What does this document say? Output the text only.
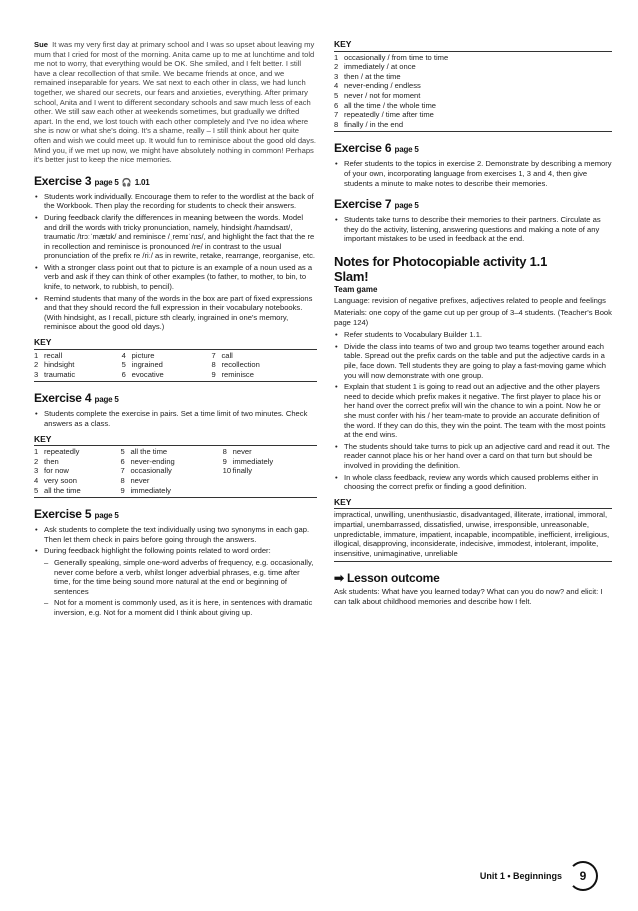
Sue It was my very first day at primary school and I was so upset about leaving my mum that I cried for most of the morning. Anita came up to me at lunchtime and told me not to worry, that everything would be OK. She smiled, and I felt better. I still have a clear recollection of that smile. We became friends at once, and we remained inseparable for years. We sat next to each other in class, we had lunch together, we shared our secrets, our fears and anxieties, everything. After primary school, Anita and I went to different secondary schools and saw much less of each other. We still saw each other at weekends sometimes, but gradually we drifted apart. In the end, we lost touch with each other completely and I've no idea where she is now or what she's doing. It's a shame, really – I still think about her quite often and wish we could meet up. It would fun to reminisce about the good old days. Mind you, if we met up now, we might have absolutely nothing in common! Perhaps it's better just to keep the nice memories.

Exercise 3 page 5 🎧 1.01
• Students work individually. Encourage them to refer to the wordlist at the back of the Workbook. Then play the recording for students to check their answers.
• During feedback clarify the differences in meaning between the words. Model and drill the words with tricky pronunciation, namely, hindsight /haɪndsaɪt/, traumatic /trɔːˈmætɪk/ and reminisce /ˌremɪˈnɪs/, and highlight the fact that the re in recollection and reminisce is pronounced /re/ in contrast to the usual pronunciation of the prefix re /riː/ as in rewrite, retake, rearrange, reorganise, etc.
• With a stronger class point out that to picture is an example of a noun used as a verb and ask if they can think of other examples (to father, to mother, to bin, to knife, to network, to rubbish, to pencil).
• Remind students that many of the words in the box are part of fixed expressions and that they should record the full expression in their vocabulary notebooks. (With hindsight, as I recall, picture sth clearly, ingrained in one's memory, reminisce about the good old days.)
KEY
1	recall	4	picture	7	call
2	hindsight	5	ingrained	8	recollection
3	traumatic	6	evocative	9	reminisce
Exercise 4 page 5
• Students complete the exercise in pairs. Set a time limit of two minutes. Check answers as a class.
KEY
1	repeatedly	5	all the time	8	never
2	then	6	never-ending	9	immediately
3	for now	7	occasionally	10	finally
4	very soon	8	never		
5	all the time	9	immediately		
Exercise 5 page 5
• Ask students to complete the text individually using two synonyms in each gap. Then let them check in pairs before going through the answers.
• During feedback highlight the following points related to word order:
– Generally speaking, simple one-word adverbs of frequency, e.g. occasionally, never come before a verb, whilst longer adverbial phrases, e.g. time after time, for the time being sound more natural at the end or beginning of sentences
– Not for a moment is commonly used, as it is here, in sentences with dramatic inversion, e.g. Not for a moment did I think about giving up.
KEY
1 occasionally / from time to time
2 immediately / at once
3 then / at the time
4 never-ending / endless
5 never / not for moment
6 all the time / the whole time
7 repeatedly / time after time
8 finally / in the end
Exercise 6 page 5
• Refer students to the topics in exercise 2. Demonstrate by describing a memory of your own, incorporating language from exercises 1, 3 and 4, then give students a minute to make notes to describe their memories.
Exercise 7 page 5
• Students take turns to describe their memories to their partners. Circulate as they do the activity, listening, answering questions and making a note of any important mistakes to be used in feedback at the end.
Notes for Photocopiable activity 1.1
Slam!
Team game

Language: revision of negative prefixes, adjectives related to people and feelings

Materials: one copy of the game cut up per group of 3–4 students. (Teacher's Book page 124)

• Refer students to Vocabulary Builder 1.1.
• Divide the class into teams of two and group two teams together around each table. Spread out the prefix cards on the table and put the adjective cards in a pile, face down. Tell students they are going to play a fast-moving game which you will now demonstrate with one group.
• Explain that student 1 is going to read out an adjective and the other players need to decide which prefix makes it negative. The first player to place his or her hand over the correct prefix will win the chance to win a point. Now he or she must confer with his / her team-mate to provide an accurate definition of the word. If they can do this, they win the point. The team with the most points at the end wins.
• The students should take turns to pick up an adjective card and read it out. The reader cannot place his or her hand over a card on that turn but should be involved in providing the definition.
• In whole class feedback, review any words which caused problems either in choosing the correct prefix or finding a good definition.
KEY

impractical, unwilling, unenthusiastic, disadvantaged, illiterate, irrational, immoral, impartial, unembarrassed, dissatisfied, unwise, irresponsible, unreasonable, unpredictable, immature, impatient, incapable, incompatible, inefficient, irreligious, illogical, disapproving, inconsiderate, indecisive, immodest, intolerant, impolite, insensitive, unimaginative, unreliable

➡ Lesson outcome

Ask students: What have you learned today? What can you do now? and elicit: I can talk about childhood memories and describe how I felt.

Unit 1 • Beginnings	9
